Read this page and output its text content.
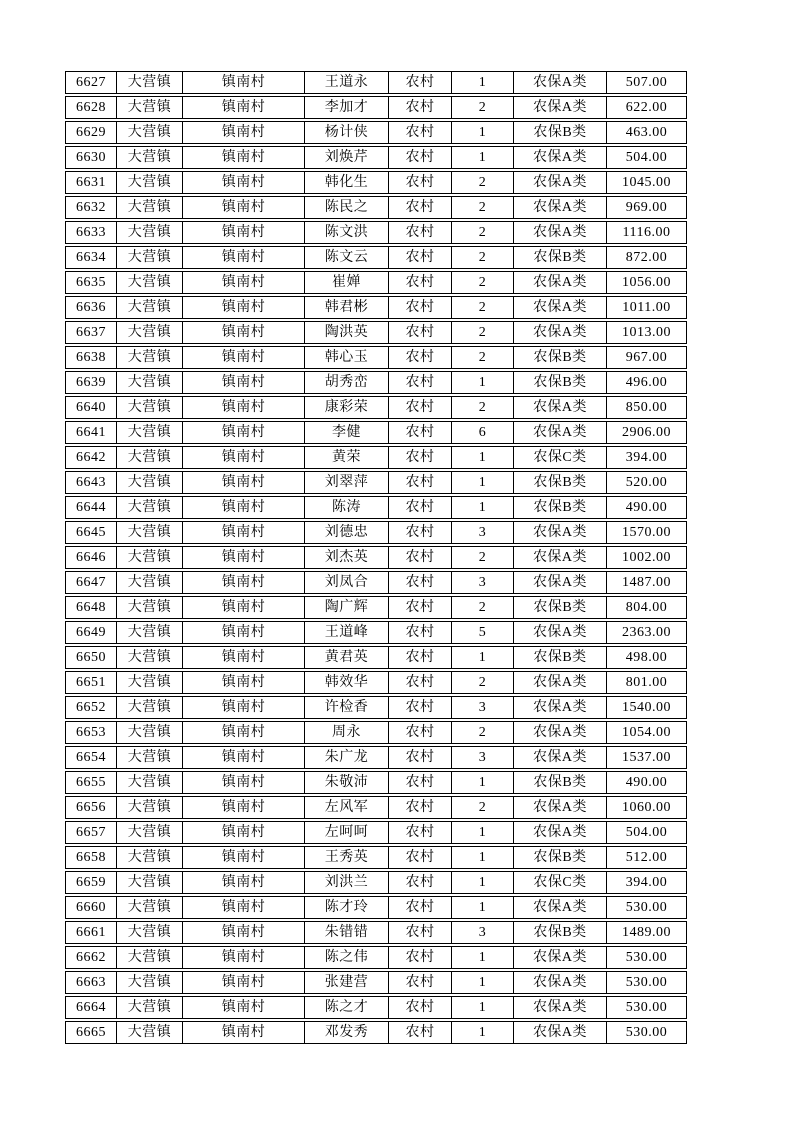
6627	大营镇	镇南村	王道永	农村	1	农保A类	507.00
6628	大营镇	镇南村	李加才	农村	2	农保A类	622.00
6629	大营镇	镇南村	杨计侠	农村	1	农保B类	463.00
6630	大营镇	镇南村	刘焕芹	农村	1	农保A类	504.00
6631	大营镇	镇南村	韩化生	农村	2	农保A类	1045.00
6632	大营镇	镇南村	陈民之	农村	2	农保A类	969.00
6633	大营镇	镇南村	陈文洪	农村	2	农保A类	1116.00
6634	大营镇	镇南村	陈文云	农村	2	农保B类	872.00
6635	大营镇	镇南村	崔婵	农村	2	农保A类	1056.00
6636	大营镇	镇南村	韩君彬	农村	2	农保A类	1011.00
6637	大营镇	镇南村	陶洪英	农村	2	农保A类	1013.00
6638	大营镇	镇南村	韩心玉	农村	2	农保B类	967.00
6639	大营镇	镇南村	胡秀峦	农村	1	农保B类	496.00
6640	大营镇	镇南村	康彩荣	农村	2	农保A类	850.00
6641	大营镇	镇南村	李健	农村	6	农保A类	2906.00
6642	大营镇	镇南村	黄荣	农村	1	农保C类	394.00
6643	大营镇	镇南村	刘翠萍	农村	1	农保B类	520.00
6644	大营镇	镇南村	陈涛	农村	1	农保B类	490.00
6645	大营镇	镇南村	刘德忠	农村	3	农保A类	1570.00
6646	大营镇	镇南村	刘杰英	农村	2	农保A类	1002.00
6647	大营镇	镇南村	刘凤合	农村	3	农保A类	1487.00
6648	大营镇	镇南村	陶广辉	农村	2	农保B类	804.00
6649	大营镇	镇南村	王道峰	农村	5	农保A类	2363.00
6650	大营镇	镇南村	黄君英	农村	1	农保B类	498.00
6651	大营镇	镇南村	韩效华	农村	2	农保A类	801.00
6652	大营镇	镇南村	许检香	农村	3	农保A类	1540.00
6653	大营镇	镇南村	周永	农村	2	农保A类	1054.00
6654	大营镇	镇南村	朱广龙	农村	3	农保A类	1537.00
6655	大营镇	镇南村	朱敬沛	农村	1	农保B类	490.00
6656	大营镇	镇南村	左风军	农村	2	农保A类	1060.00
6657	大营镇	镇南村	左呵呵	农村	1	农保A类	504.00
6658	大营镇	镇南村	王秀英	农村	1	农保B类	512.00
6659	大营镇	镇南村	刘洪兰	农村	1	农保C类	394.00
6660	大营镇	镇南村	陈才玲	农村	1	农保A类	530.00
6661	大营镇	镇南村	朱错错	农村	3	农保B类	1489.00
6662	大营镇	镇南村	陈之伟	农村	1	农保A类	530.00
6663	大营镇	镇南村	张建营	农村	1	农保A类	530.00
6664	大营镇	镇南村	陈之才	农村	1	农保A类	530.00
6665	大营镇	镇南村	邓发秀	农村	1	农保A类	530.00
